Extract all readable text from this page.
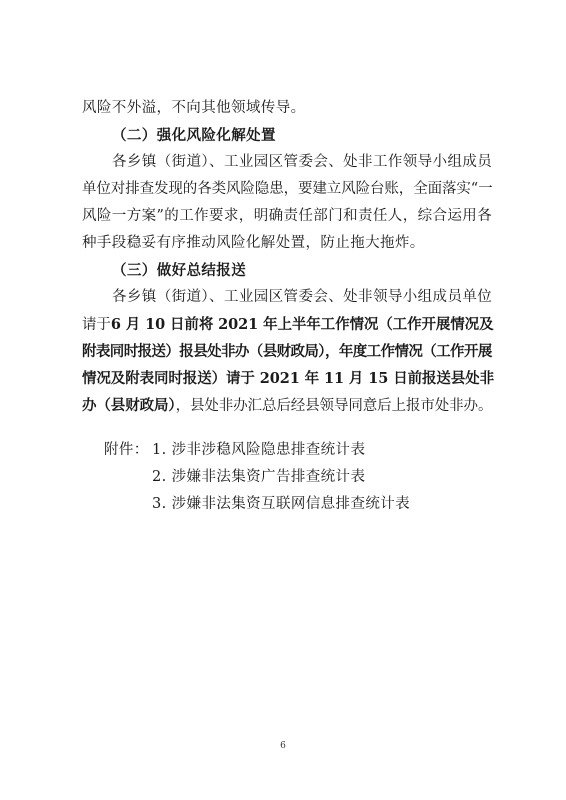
风险不外溢，不向其他领域传导。
（二）强化风险化解处置
各乡镇（街道）、工业园区管委会、处非工作领导小组成员
单位对排查发现的各类风险隐患，要建立风险台账，全面落实“一
风险一方案”的工作要求，明确责任部门和责任人，综合运用各
种手段稳妥有序推动风险化解处置，防止拖大拖炸。
（三）做好总结报送
各乡镇（街道）、工业园区管委会、处非领导小组成员单位
请于6 月 10 日前将 2021 年上半年工作情况（工作开展情况及
附表同时报送）报县处非办（县财政局），年度工作情况（工作开展
情况及附表同时报送）请于 2021 年 11 月 15 日前报送县处非
办（县财政局），县处非办汇总后经县领导同意后上报市处非办。
附件： 1. 涉非涉稳风险隐患排查统计表
2. 涉嫌非法集资广告排查统计表
3. 涉嫌非法集资互联网信息排查统计表
6
